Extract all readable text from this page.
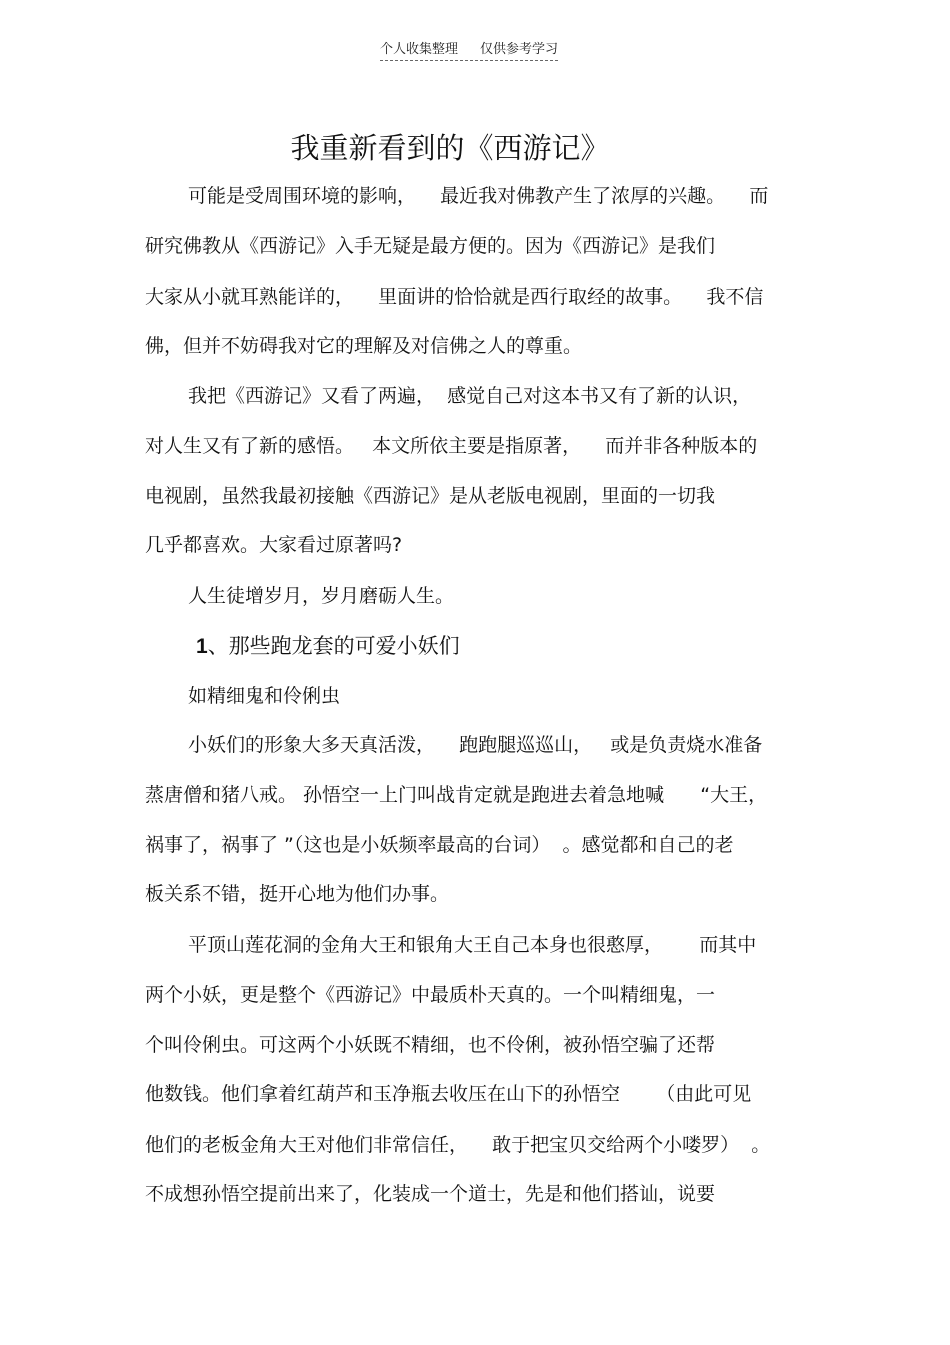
个人收集整理 仅供参考学习
我重新看到的《西游记》
可能是受周围环境的影响，    最近我对佛教产生了浓厚的兴趣。    而
研究佛教从《西游记》入手无疑是最方便的。因为《西游记》是我们
大家从小就耳熟能详的，    里面讲的恰恰就是西行取经的故事。    我不信
佛，但并不妨碍我对它的理解及对信佛之人的尊重。
我把《西游记》又看了两遍，  感觉自己对这本书又有了新的认识，
对人生又有了新的感悟。   本文所依主要是指原著，    而并非各种版本的
电视剧，虽然我最初接触《西游记》是从老版电视剧，里面的一切我
几乎都喜欢。大家看过原著吗?
人生徒增岁月，岁月磨砺人生。
1、那些跑龙套的可爱小妖们
如精细鬼和伶俐虫
小妖们的形象大多天真活泼，    跑跑腿巡巡山，   或是负责烧水准备
蒸唐僧和猪八戒。 孙悟空一上门叫战肯定就是跑进去着急地喊      “大王，
祸事了，祸事了 ”（这也是小妖频率最高的台词）  。感觉都和自己的老
板关系不错，挺开心地为他们办事。
平顶山莲花洞的金角大王和银角大王自己本身也很憨厚，      而其中
两个小妖，更是整个《西游记》中最质朴天真的。一个叫精细鬼，一
个叫伶俐虫。可这两个小妖既不精细，也不伶俐，被孙悟空骗了还帮
他数钱。他们拿着红葫芦和玉净瓶去收压在山下的孙悟空      （由此可见
他们的老板金角大王对他们非常信任，    敢于把宝贝交给两个小喽罗）  。
不成想孙悟空提前出来了，化装成一个道士，先是和他们搭讪，说要
